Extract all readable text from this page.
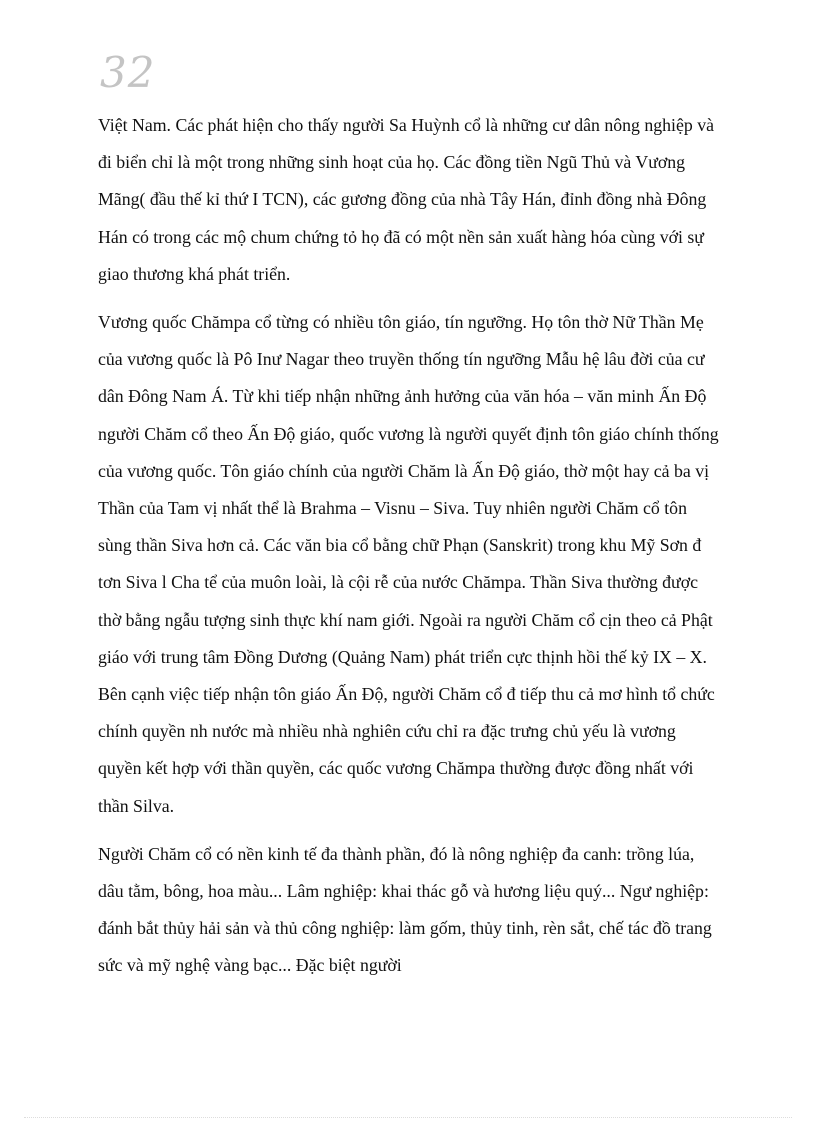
32

Việt Nam. Các phát hiện cho thấy người Sa Huỳnh cổ là những cư dân nông nghiệp và đi biển chỉ là một trong những sinh hoạt của họ. Các đồng tiền Ngũ Thủ và Vương Mãng( đầu thế kỉ thứ I TCN), các gương đồng của nhà Tây Hán, đỉnh đồng nhà Đông Hán có trong các mộ chum chứng tỏ họ đã có một nền sản xuất hàng hóa cùng với sự giao thương khá phát triển.

Vương quốc Chămpa cổ từng có nhiều tôn giáo, tín ngưỡng. Họ tôn thờ Nữ Thần Mẹ của vương quốc là Pô Inư Nagar theo truyền thống tín ngưỡng Mẫu hệ lâu đời của cư dân Đông Nam Á. Từ khi tiếp nhận những ảnh hưởng của văn hóa – văn minh Ấn Độ người Chăm cổ theo Ấn Độ giáo, quốc vương là người quyết định tôn giáo chính thống của vương quốc. Tôn giáo chính của người Chăm là Ấn Độ giáo, thờ một hay cả ba vị Thần của Tam vị nhất thể là Brahma – Visnu – Siva. Tuy nhiên người Chăm cổ tôn sùng thần Siva hơn cả. Các văn bia cổ bằng chữ Phạn (Sanskrit) trong khu Mỹ Sơn đ tơn Siva l Cha tể của muôn loài, là cội rễ của nước Chămpa. Thần Siva thường được thờ bằng ngẫu tượng sinh thực khí nam giới. Ngoài ra người Chăm cổ cịn theo cả Phật giáo với trung tâm Đồng Dương (Quảng Nam) phát triển cực thịnh hồi thế kỷ IX – X. Bên cạnh việc tiếp nhận tôn giáo Ấn Độ, người Chăm cổ đ tiếp thu cả mơ hình tổ chức chính quyền nh nước mà nhiều nhà nghiên cứu chỉ ra đặc trưng chủ yếu là vương quyền kết hợp với thần quyền, các quốc vương Chămpa thường được đồng nhất với thần Silva.

Người Chăm cổ có nền kinh tế đa thành phần, đó là nông nghiệp đa canh: trồng lúa, dâu tằm, bông, hoa màu... Lâm nghiệp: khai thác gỗ và hương liệu quý... Ngư nghiệp: đánh bắt thủy hải sản và thủ công nghiệp: làm gốm, thủy tinh, rèn sắt, chế tác đồ trang sức và mỹ nghệ vàng bạc... Đặc biệt người
